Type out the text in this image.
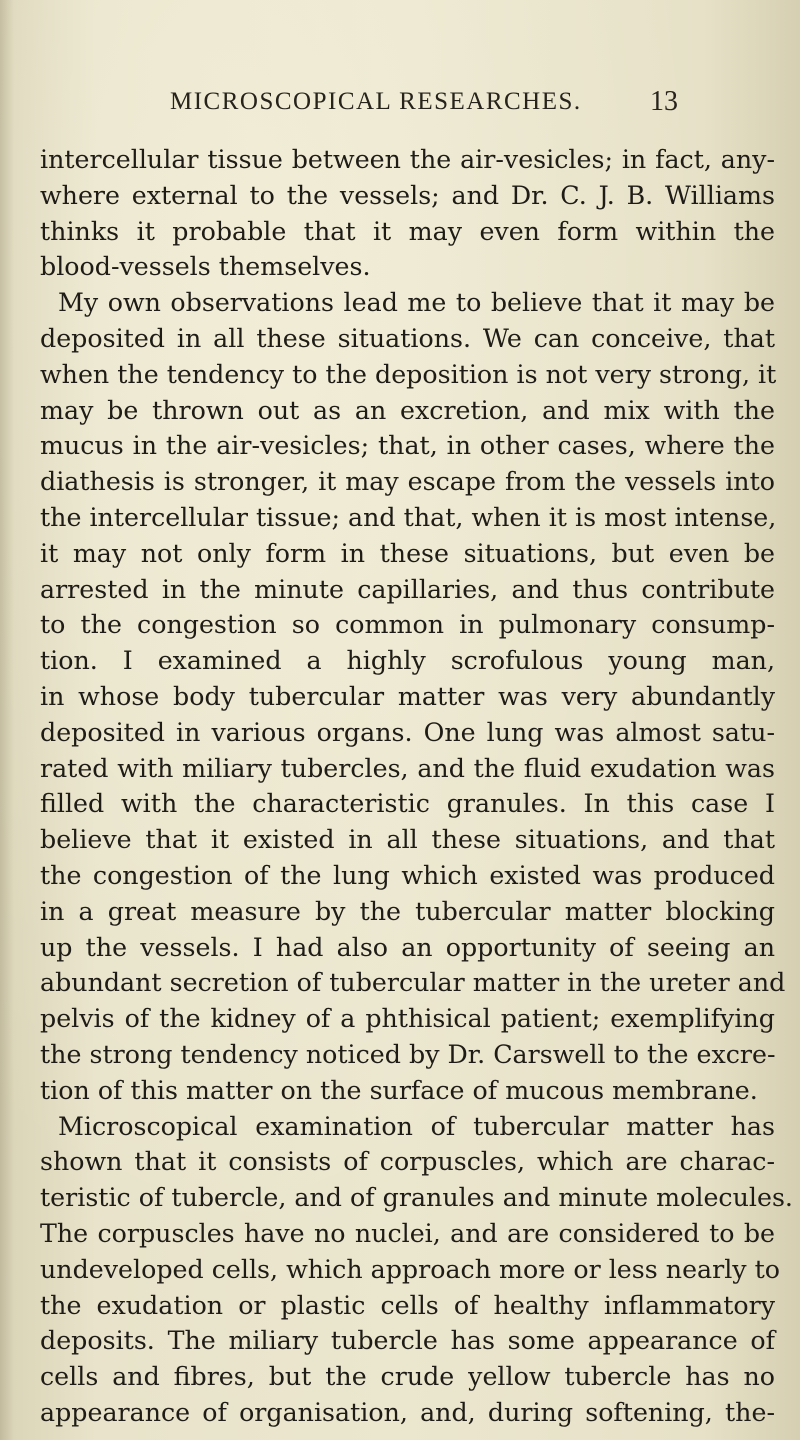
MICROSCOPICAL RESEARCHES. 13

intercellular tissue between the air-vesicles; in fact, any-
where external to the vessels; and Dr. C. J. B. Williams
thinks it probable that it may even form within the
blood-vessels themselves.

My own observations lead me to believe that it may be

deposited in all these situations. We can conceive, that
when the tendency to the deposition is not very strong, it
may be thrown out as an excretion, and mix with the
mucus in the air-vesicles; that, in other cases, where the
diathesis is stronger, it may escape from the vessels into
the intercellular tissue; and that, when it is most intense,
it may not only form in these situations, but even be
arrested in the minute capillaries, and thus contribute
to the congestion so common in pulmonary consump-
tion. I examined a highly scrofulous young man,
in whose body tubercular matter was very abundantly
deposited in various organs. One lung was almost satu-
rated with miliary tubercles, and the fluid exudation was
filled with the characteristic granules. In this case I
believe that it existed in all these situations, and that
the congestion of the lung which existed was produced
in a great measure by the tubercular matter blocking
up the vessels. I had also an opportunity of seeing an
abundant secretion of tubercular matter in the ureter and
pelvis of the kidney of a phthisical patient; exemplifying
the strong tendency noticed by Dr. Carswell to the excre-
tion of this matter on the surface of mucous membrane.

Microscopical examination of tubercular matter has

shown that it consists of corpuscles, which are charac-
teristic of tubercle, and of granules and minute molecules.
The corpuscles have no nuclei, and are considered to be
undeveloped cells, which approach more or less nearly to
the exudation or plastic cells of healthy inflammatory
deposits. The miliary tubercle has some appearance of
cells and fibres, but the crude yellow tubercle has no
appearance of organisation, and, during softening, the-
